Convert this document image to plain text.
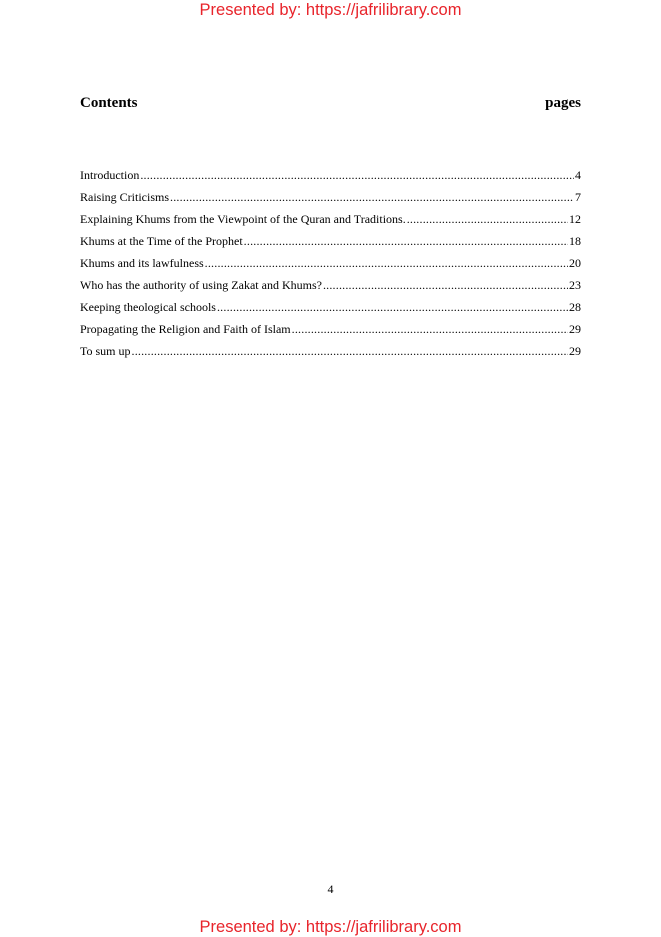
Presented by: https://jafrilibrary.com
Contents	pages
Introduction .....	4
Raising Criticisms .....	7
Explaining Khums from the Viewpoint of the Quran and Traditions. .....	12
Khums at the Time of the Prophet .....	18
Khums and its lawfulness .....	20
Who has the authority of using Zakat and Khums? .....	23
Keeping theological schools .....	28
Propagating the Religion and Faith of Islam .....	29
To sum up .....	29
4
Presented by: https://jafrilibrary.com
